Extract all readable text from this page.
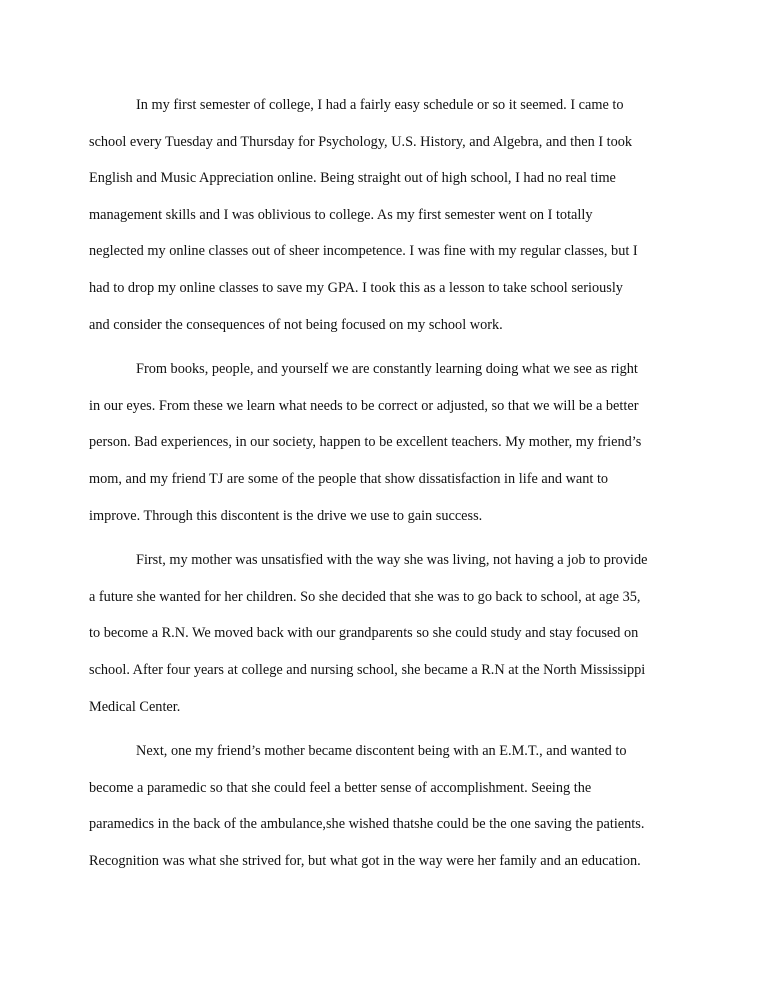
In my first semester of college, I had a fairly easy schedule or so it seemed. I came to
school every Tuesday and Thursday for Psychology, U.S. History, and Algebra, and then I took
English and Music Appreciation online. Being straight out of high school, I had no real time
management skills and I was oblivious to college. As my first semester went on I totally
neglected my online classes out of sheer incompetence. I was fine with my regular classes, but I
had to drop my online classes to save my GPA. I took this as a lesson to take school seriously
and consider the consequences of not being focused on my school work.
From books, people, and yourself we are constantly learning doing what we see as right
in our eyes. From these we learn what needs to be correct or adjusted, so that we will be a better
person. Bad experiences, in our society, happen to be excellent teachers. My mother, my friend’s
mom, and my friend TJ are some of the people that show dissatisfaction in life and want to
improve. Through this discontent is the drive we use to gain success.
First, my mother was unsatisfied with the way she was living, not having a job to provide
a future she wanted for her children. So she decided that she was to go back to school, at age 35,
to become a R.N. We moved back with our grandparents so she could study and stay focused on
school. After four years at college and nursing school, she became a R.N at the North Mississippi
Medical Center.
Next, one my friend’s mother became discontent being with an E.M.T., and wanted to
become a paramedic so that she could feel a better sense of accomplishment. Seeing the
paramedics in the back of the ambulance,she wished thatshe could be the one saving the patients.
Recognition was what she strived for, but what got in the way were her family and an education.
